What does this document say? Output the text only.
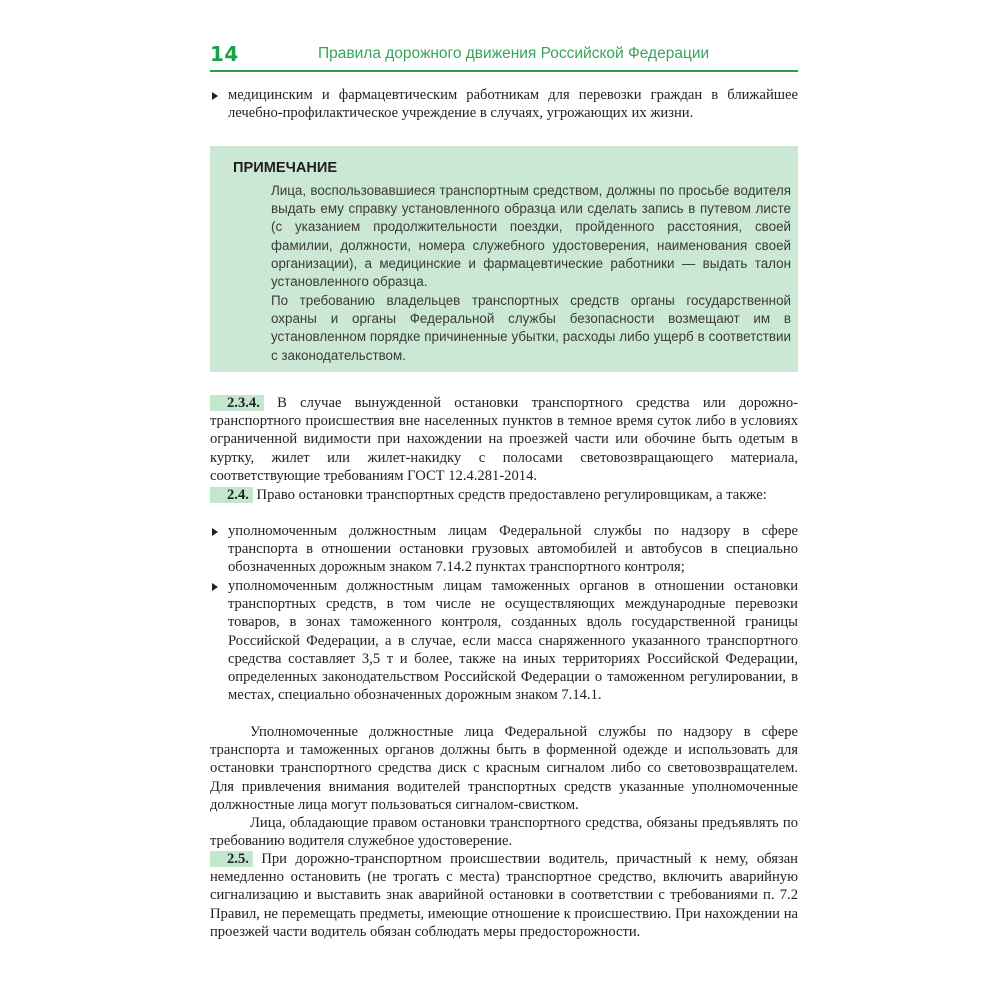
14	Правила дорожного движения Российской Федерации
медицинским и фармацевтическим работникам для перевозки граждан в ближайшее лечебно-профилактическое учреждение в случаях, угрожающих их жизни.
ПРИМЕЧАНИЕ
Лица, воспользовавшиеся транспортным средством, должны по просьбе водителя выдать ему справку установленного образца или сделать запись в путевом листе (с указанием продолжительности поездки, пройденного расстояния, своей фамилии, должности, номера служебного удостоверения, наименования своей организации), а медицинские и фармацевтические работники — выдать талон установленного образца.
По требованию владельцев транспортных средств органы государственной охраны и органы Федеральной службы безопасности возмещают им в установленном порядке причиненные убытки, расходы либо ущерб в соответствии с законодательством.
2.3.4. В случае вынужденной остановки транспортного средства или дорожно-транспортного происшествия вне населенных пунктов в темное время суток либо в условиях ограниченной видимости при нахождении на проезжей части или обочине быть одетым в куртку, жилет или жилет-накидку с полосами световозвращающего материала, соответствующие требованиям ГОСТ 12.4.281-2014.
2.4. Право остановки транспортных средств предоставлено регулировщикам, а также:
уполномоченным должностным лицам Федеральной службы по надзору в сфере транспорта в отношении остановки грузовых автомобилей и автобусов в специально обозначенных дорожным знаком 7.14.2 пунктах транспортного контроля;
уполномоченным должностным лицам таможенных органов в отношении остановки транспортных средств, в том числе не осуществляющих международные перевозки товаров, в зонах таможенного контроля, созданных вдоль государственной границы Российской Федерации, а в случае, если масса снаряженного указанного транспортного средства составляет 3,5 т и более, также на иных территориях Российской Федерации, определенных законодательством Российской Федерации о таможенном регулировании, в местах, специально обозначенных дорожным знаком 7.14.1.
Уполномоченные должностные лица Федеральной службы по надзору в сфере транспорта и таможенных органов должны быть в форменной одежде и использовать для остановки транспортного средства диск с красным сигналом либо со световозвращателем. Для привлечения внимания водителей транспортных средств указанные уполномоченные должностные лица могут пользоваться сигналом-свистком.
Лица, обладающие правом остановки транспортного средства, обязаны предъявлять по требованию водителя служебное удостоверение.
2.5. При дорожно-транспортном происшествии водитель, причастный к нему, обязан немедленно остановить (не трогать с места) транспортное средство, включить аварийную сигнализацию и выставить знак аварийной остановки в соответствии с требованиями п. 7.2 Правил, не перемещать предметы, имеющие отношение к происшествию. При нахождении на проезжей части водитель обязан соблюдать меры предосторожности.
